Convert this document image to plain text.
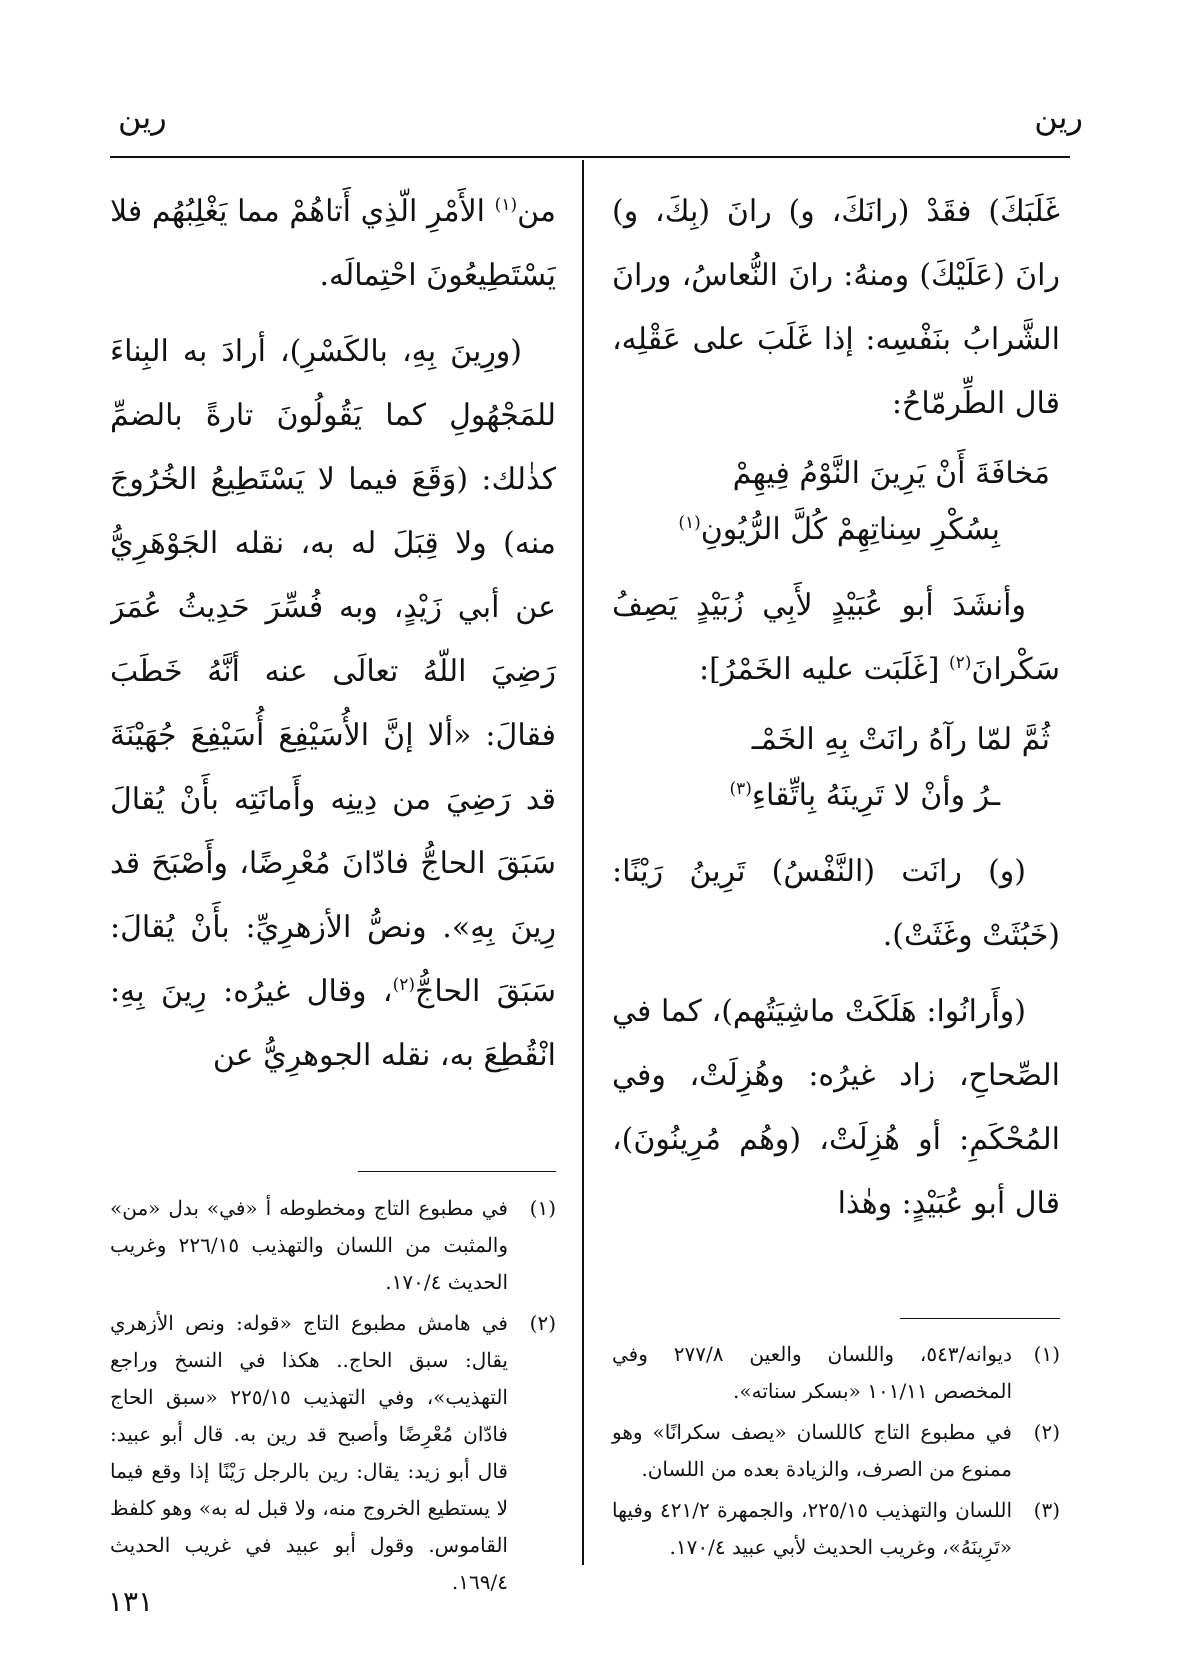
رين
رين

غَلَبَكَ) فقَدْ (رانَكَ، و) رانَ (بِكَ، و) رانَ (عَلَيْكَ) ومنهُ: رانَ النُّعاسُ، ورانَ الشَّرابُ بنَفْسِه: إذا غَلَبَ على عَقْلِه، قال الطِّرمّاحُ:

مَخافَةَ أَنْ يَرِينَ النَّوْمُ فِيهِمْ
بِسُكْرِ سِناتِهِمْ كُلَّ الرُّيُونِ$^{(١)}$

وأنشَدَ أبو عُبَيْدٍ لأَبِي زُبَيْدٍ يَصِفُ سَكْرانَ$^{(٢)}$ [غَلَبَت عليه الخَمْرُ]:

ثُمَّ لمّا رآهُ رانَتْ بِهِ الخَمْـ
ـرُ وأنْ لا تَرِينَهُ بِاتِّقاءِ$^{(٣)}$

(و) رانَت (النَّفْسُ) تَرِينُ رَيْنًا: (خَبُثَتْ وغَثَتْ).

(وأَرانُوا: هَلَكَتْ ماشِيَتُهم)، كما في الصِّحاحِ، زاد غيرُه: وهُزِلَتْ، وفي المُحْكَمِ: أو هُزِلَتْ، (وهُم مُرِينُونَ)، قال أبو عُبَيْدٍ: وهٰذا

من$^{(١)}$ الأَمْرِ الّذِي أَتاهُمْ مما يَغْلِبُهُم فلا يَسْتَطِيعُونَ احْتِمالَه.

(ورِينَ بِهِ، بالكَسْرِ)، أرادَ به البِناءَ للمَجْهُولِ كما يَقُولُونَ تارةً بالضمِّ كذٰلك: (وَقَعَ فيما لا يَسْتَطِيعُ الخُرُوجَ منه) ولا قِبَلَ له به، نقله الجَوْهَرِيُّ عن أبي زَيْدٍ، وبه فُسِّرَ حَدِيثُ عُمَرَ رَضِيَ اللّهُ تعالَى عنه أنَّهُ خَطَبَ فقالَ: «ألا إنَّ الأُسَيْفِعَ أُسَيْفِعَ جُهَيْنَةَ قد رَضِيَ من دِينِه وأَمانَتِه بأَنْ يُقالَ سَبَقَ الحاجُّ فادّانَ مُعْرِضًا، وأَصْبَحَ قد رِينَ بِهِ». ونصُّ الأزهرِيِّ: بأَنْ يُقالَ: سَبَقَ الحاجُّ$^{(٢)}$، وقال غيرُه: رِينَ بِهِ: انْقُطِعَ به، نقله الجوهرِيُّ عن

(١)
ديوانه/٥٤٣، واللسان والعين ٢٧٧/٨ وفي المخصص ١٠١/١١ «بسكر سناته».
(٢)
في مطبوع التاج كاللسان «يصف سكرانًا» وهو ممنوع من الصرف، والزيادة بعده من اللسان.
(٣)
اللسان والتهذيب ٢٢٥/١٥، والجمهرة ٤٢١/٢ وفيها «تَرِينَهُ»، وغريب الحديث لأبي عبيد ١٧٠/٤.
(١)
في مطبوع التاج ومخطوطه أ «في» بدل «من» والمثبت من اللسان والتهذيب ٢٢٦/١٥ وغريب الحديث ١٧٠/٤.
(٢)
في هامش مطبوع التاج «قوله: ونص الأزهري يقال: سبق الحاج.. هكذا في النسخ وراجع التهذيب»، وفي التهذيب ٢٢٥/١٥ «سبق الحاج فادّان مُعْرِضًا وأصبح قد رين به. قال أبو عبيد: قال أبو زيد: يقال: رين بالرجل رَيْنًا إذا وقع فيما لا يستطيع الخروج منه، ولا قبل له به» وهو كلفظ القاموس. وقول أبو عبيد في غريب الحديث ١٦٩/٤.
١٣١
